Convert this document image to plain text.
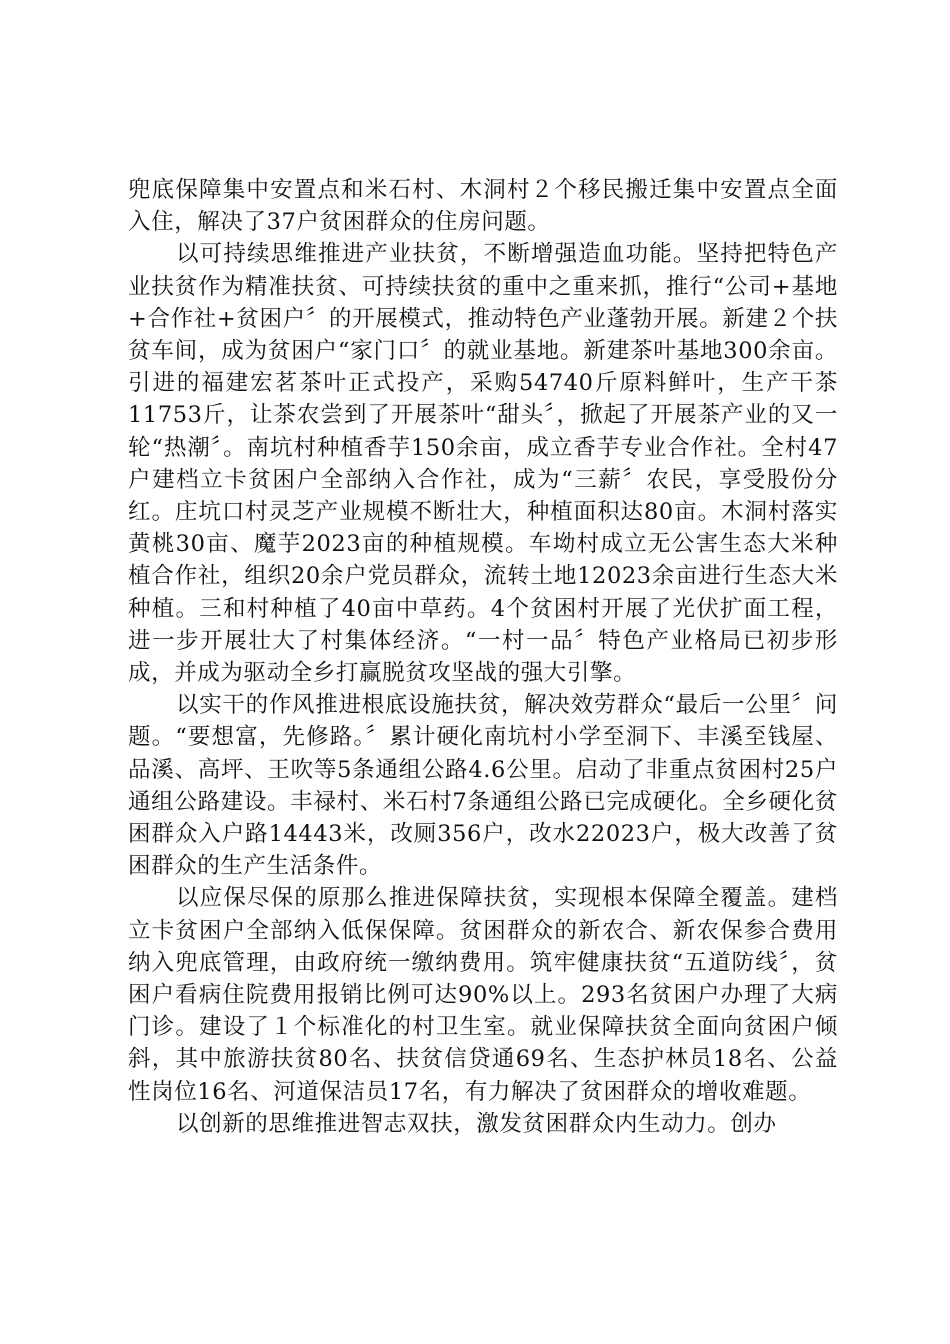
兜底保障集中安置点和米石村、木洞村２个移民搬迁集中安置点全面入住，解决了37户贫困群众的住房问题。

以可持续思维推进产业扶贫，不断增强造血功能。坚持把特色产业扶贫作为精准扶贫、可持续扶贫的重中之重来抓，推行“公司+基地+合作社+贫困户〞的开展模式，推动特色产业蓬勃开展。新建２个扶贫车间，成为贫困户“家门口〞的就业基地。新建茶叶基地300余亩。引进的福建宏茗茶叶正式投产，采购54740斤原料鲜叶，生产干茶11753斤，让茶农尝到了开展茶叶“甜头〞，掀起了开展茶产业的又一轮“热潮〞。南坑村种植香芋150余亩，成立香芋专业合作社。全村47户建档立卡贫困户全部纳入合作社，成为“三薪〞农民，享受股份分红。庄坑口村灵芝产业规模不断壮大，种植面积达80亩。木洞村落实黄桃30亩、魔芋2023亩的种植规模。车坳村成立无公害生态大米种植合作社，组织20余户党员群众，流转土地12023余亩进行生态大米种植。三和村种植了40亩中草药。4个贫困村开展了光伏扩面工程，进一步开展壮大了村集体经济。“一村一品〞特色产业格局已初步形成，并成为驱动全乡打赢脱贫攻坚战的强大引擎。

以实干的作风推进根底设施扶贫，解决效劳群众“最后一公里〞问题。“要想富，先修路。〞累计硬化南坑村小学至洞下、丰溪至钱屋、品溪、高坪、王吹等5条通组公路4.6公里。启动了非重点贫困村25户通组公路建设。丰禄村、米石村7条通组公路已完成硬化。全乡硬化贫困群众入户路14443米，改厕356户，改水22023户，极大改善了贫困群众的生产生活条件。

以应保尽保的原那么推进保障扶贫，实现根本保障全覆盖。建档立卡贫困户全部纳入低保保障。贫困群众的新农合、新农保参合费用纳入兜底管理，由政府统一缴纳费用。筑牢健康扶贫“五道防线〞，贫困户看病住院费用报销比例可达90%以上。293名贫困户办理了大病门诊。建设了１个标准化的村卫生室。就业保障扶贫全面向贫困户倾斜，其中旅游扶贫80名、扶贫信贷通69名、生态护林员18名、公益性岗位16名、河道保洁员17名，有力解决了贫困群众的增收难题。

以创新的思维推进智志双扶，激发贫困群众内生动力。创办
